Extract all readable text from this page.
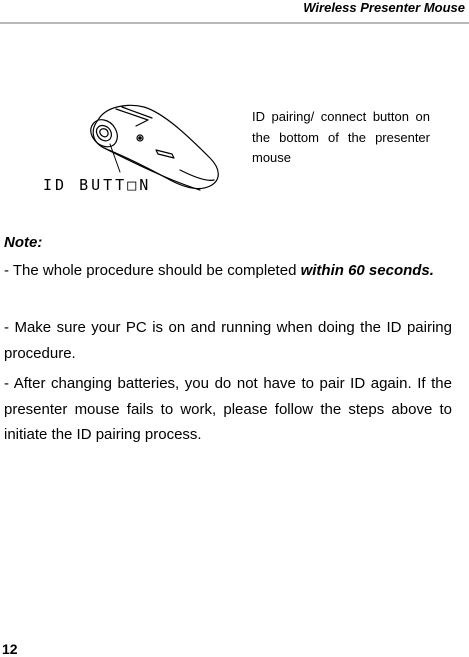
Wireless Presenter Mouse
ID BUTT□N
ID pairing/ connect button on the bottom of the presenter mouse
Note:
- The whole procedure should be completed within 60 seconds.
- Make sure your PC is on and running when doing the ID pairing procedure.
- After changing batteries, you do not have to pair ID again. If the presenter mouse fails to work, please follow the steps above to initiate the ID pairing process.
12
